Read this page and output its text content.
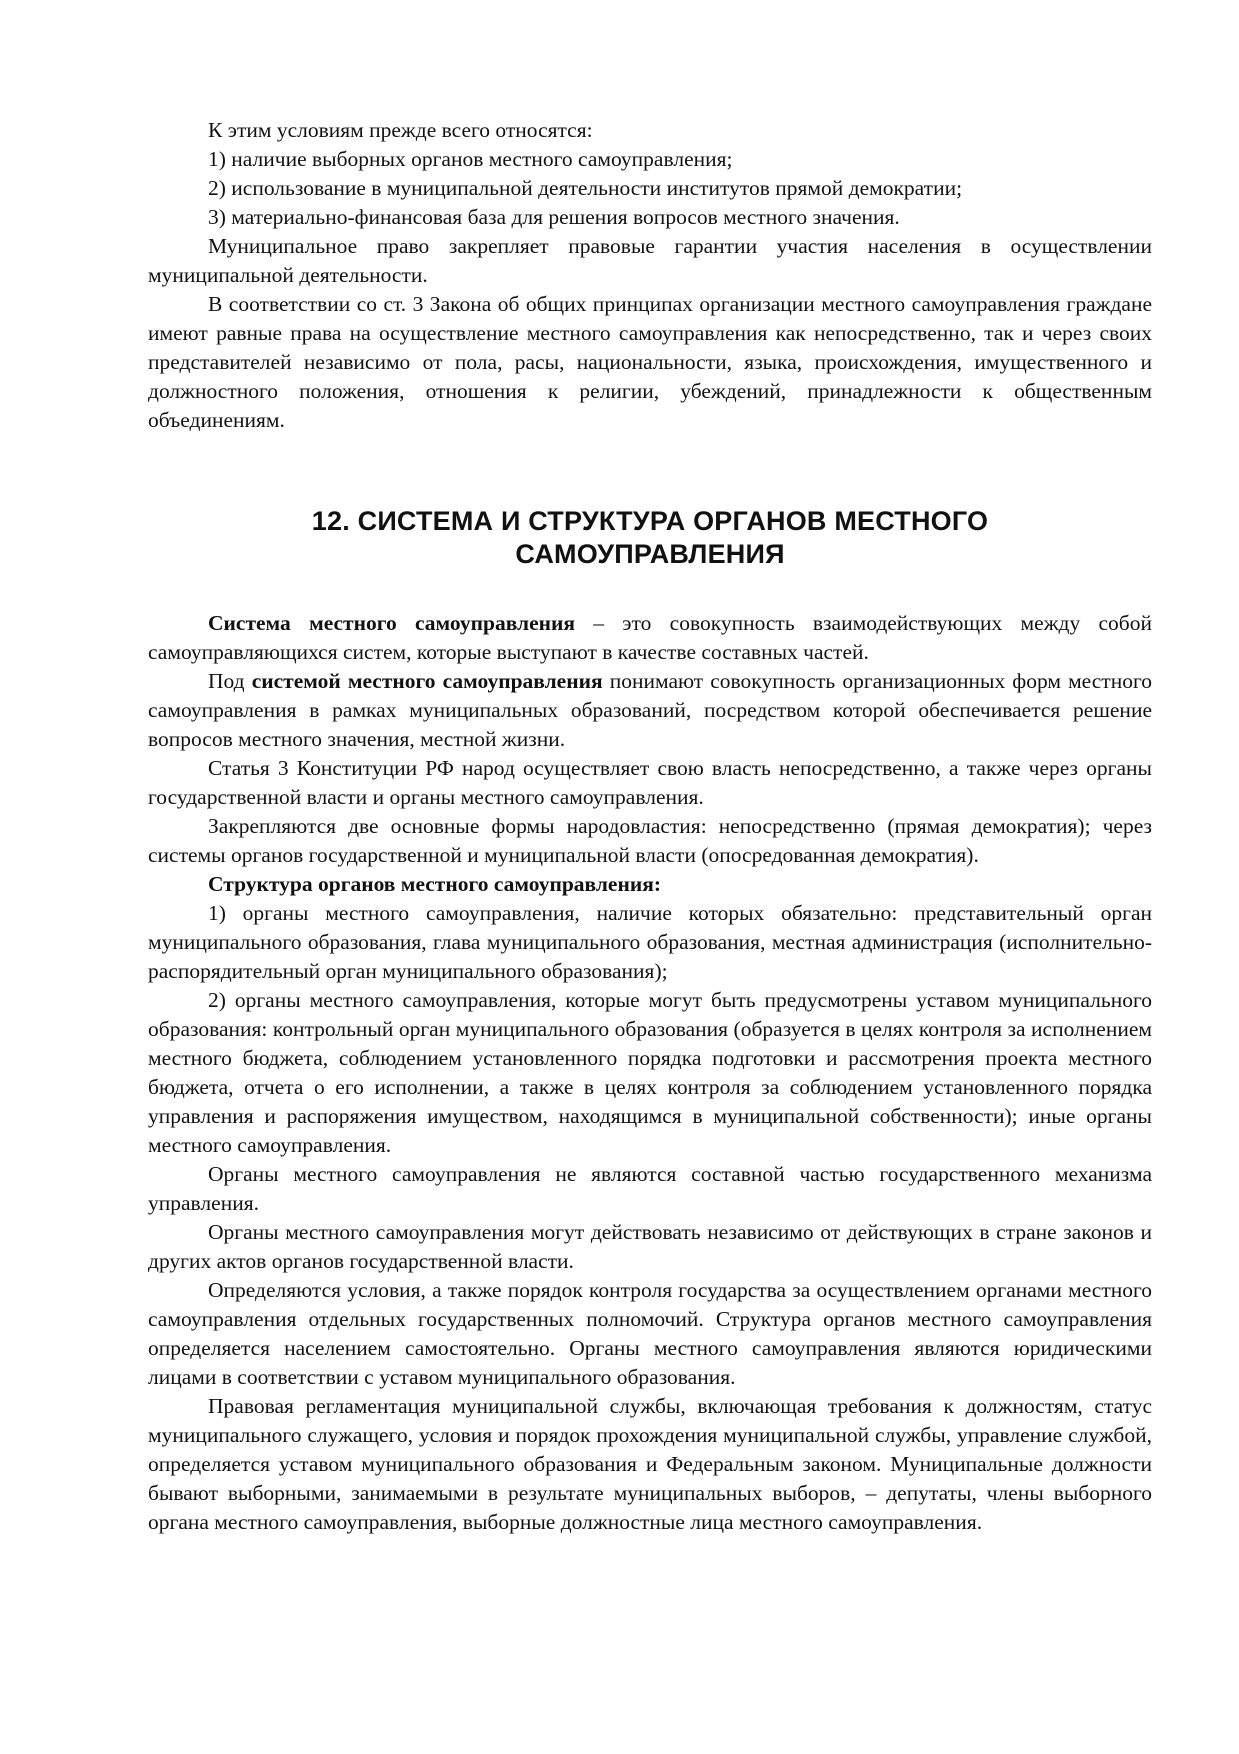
К этим условиям прежде всего относятся:

1) наличие выборных органов местного самоуправления;

2) использование в муниципальной деятельности институтов прямой демократии;

3) материально-финансовая база для решения вопросов местного значения.

Муниципальное право закрепляет правовые гарантии участия населения в осуществлении муниципальной деятельности.

В соответствии со ст. 3 Закона об общих принципах организации местного самоуправления граждане имеют равные права на осуществление местного самоуправления как непосредственно, так и через своих представителей независимо от пола, расы, национальности, языка, происхождения, имущественного и должностного положения, отношения к религии, убеждений, принадлежности к общественным объединениям.

12. СИСТЕМА И СТРУКТУРА ОРГАНОВ МЕСТНОГО
САМОУПРАВЛЕНИЯ

Система местного самоуправления – это совокупность взаимодействующих между собой самоуправляющихся систем, которые выступают в качестве составных частей.

Под системой местного самоуправления понимают совокупность организационных форм местного самоуправления в рамках муниципальных образований, посредством которой обеспечивается решение вопросов местного значения, местной жизни.

Статья 3 Конституции РФ народ осуществляет свою власть непосредственно, а также через органы государственной власти и органы местного самоуправления.

Закрепляются две основные формы народовластия: непосредственно (прямая демократия); через системы органов государственной и муниципальной власти (опосредованная демократия).

Структура органов местного самоуправления:

1) органы местного самоуправления, наличие которых обязательно: представительный орган муниципального образования, глава муниципального образования, местная администрация (исполнительно-распорядительный орган муниципального образования);

2) органы местного самоуправления, которые могут быть предусмотрены уставом муниципального образования: контрольный орган муниципального образования (образуется в целях контроля за исполнением местного бюджета, соблюдением установленного порядка подготовки и рассмотрения проекта местного бюджета, отчета о его исполнении, а также в целях контроля за соблюдением установленного порядка управления и распоряжения имуществом, находящимся в муниципальной собственности); иные органы местного самоуправления.

Органы местного самоуправления не являются составной частью государственного механизма управления.

Органы местного самоуправления могут действовать независимо от действующих в стране законов и других актов органов государственной власти.

Определяются условия, а также порядок контроля государства за осуществлением органами местного самоуправления отдельных государственных полномочий. Структура органов местного самоуправления определяется населением самостоятельно. Органы местного самоуправления являются юридическими лицами в соответствии с уставом муниципального образования.

Правовая регламентация муниципальной службы, включающая требования к должностям, статус муниципального служащего, условия и порядок прохождения муниципальной службы, управление службой, определяется уставом муниципального образования и Федеральным законом. Муниципальные должности бывают выборными, занимаемыми в результате муниципальных выборов, – депутаты, члены выборного органа местного самоуправления, выборные должностные лица местного самоуправления.
